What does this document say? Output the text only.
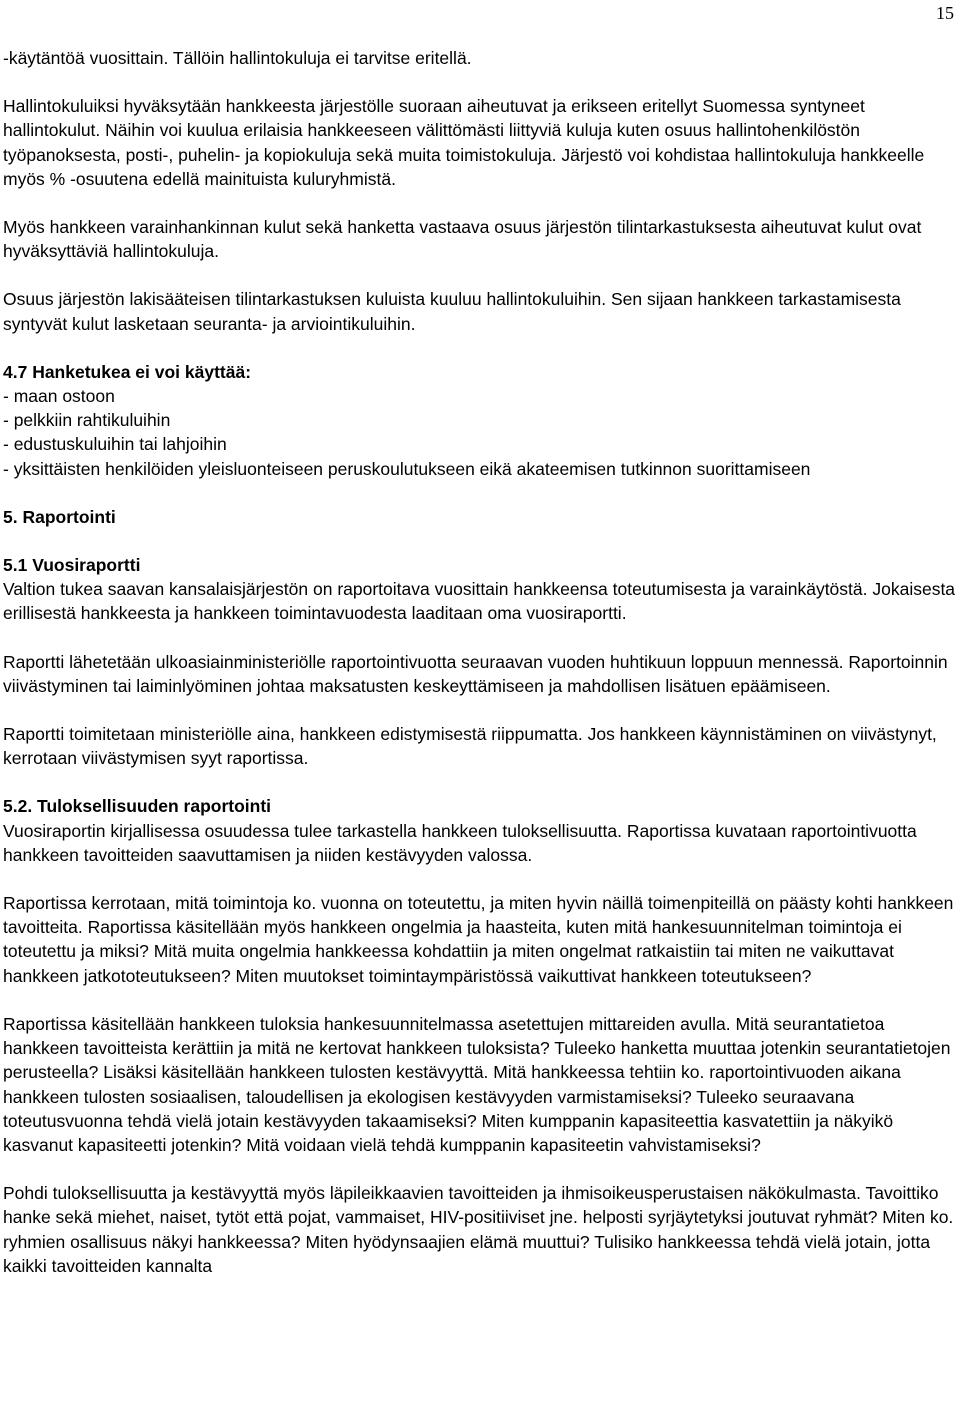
15

-käytäntöä vuosittain. Tällöin hallintokuluja ei tarvitse eritellä.

Hallintokuluiksi hyväksytään hankkeesta järjestölle suoraan aiheutuvat ja erikseen eritellyt Suomessa syntyneet hallintokulut. Näihin voi kuulua erilaisia hankkeeseen välittömästi liittyviä kuluja kuten osuus hallintohenkilöstön työpanoksesta, posti-, puhelin- ja kopiokuluja sekä muita toimistokuluja. Järjestö voi kohdistaa hallintokuluja hankkeelle myös % -osuutena edellä mainituista kuluryhmistä.

Myös hankkeen varainhankinnan kulut sekä hanketta vastaava osuus järjestön tilintarkastuksesta aiheutuvat kulut ovat hyväksyttäviä hallintokuluja.

Osuus järjestön lakisääteisen tilintarkastuksen kuluista kuuluu hallintokuluihin. Sen sijaan hankkeen tarkastamisesta syntyvät kulut lasketaan seuranta- ja arviointikuluihin.

4.7 Hanketukea ei voi käyttää:
- maan ostoon
- pelkkiin rahtikuluihin
- edustuskuluihin tai lahjoihin
- yksittäisten henkilöiden yleisluonteiseen peruskoulutukseen eikä akateemisen tutkinnon suorittamiseen
5. Raportointi
5.1 Vuosiraportti
Valtion tukea saavan kansalaisjärjestön on raportoitava vuosittain hankkeensa toteutumisesta ja varainkäytöstä. Jokaisesta erillisestä hankkeesta ja hankkeen toimintavuodesta laaditaan oma vuosiraportti.

Raportti lähetetään ulkoasiainministeriölle raportointivuotta seuraavan vuoden huhtikuun loppuun mennessä. Raportoinnin viivästyminen tai laiminlyöminen johtaa maksatusten keskeyttämiseen ja mahdollisen lisätuen epäämiseen.

Raportti toimitetaan ministeriölle aina, hankkeen edistymisestä riippumatta. Jos hankkeen käynnistäminen on viivästynyt, kerrotaan viivästymisen syyt raportissa.

5.2. Tuloksellisuuden raportointi
Vuosiraportin kirjallisessa osuudessa tulee tarkastella hankkeen tuloksellisuutta. Raportissa kuvataan raportointivuotta hankkeen tavoitteiden saavuttamisen ja niiden kestävyyden valossa.

Raportissa kerrotaan, mitä toimintoja ko. vuonna on toteutettu, ja miten hyvin näillä toimenpiteillä on päästy kohti hankkeen tavoitteita. Raportissa käsitellään myös hankkeen ongelmia ja haasteita, kuten mitä hankesuunnitelman toimintoja ei toteutettu ja miksi? Mitä muita ongelmia hankkeessa kohdattiin ja miten ongelmat ratkaistiin tai miten ne vaikuttavat hankkeen jatkototeutukseen? Miten muutokset toimintaympäristössä vaikuttivat hankkeen toteutukseen?

Raportissa käsitellään hankkeen tuloksia hankesuunnitelmassa asetettujen mittareiden avulla. Mitä seurantatietoa hankkeen tavoitteista kerättiin ja mitä ne kertovat hankkeen tuloksista? Tuleeko hanketta muuttaa jotenkin seurantatietojen perusteella? Lisäksi käsitellään hankkeen tulosten kestävyyttä. Mitä hankkeessa tehtiin ko. raportointivuoden aikana hankkeen tulosten sosiaalisen, taloudellisen ja ekologisen kestävyyden varmistamiseksi? Tuleeko seuraavana toteutusvuonna tehdä vielä jotain kestävyyden takaamiseksi? Miten kumppanin kapasiteettia kasvatettiin ja näkyikö kasvanut kapasiteetti jotenkin? Mitä voidaan vielä tehdä kumppanin kapasiteetin vahvistamiseksi?

Pohdi tuloksellisuutta ja kestävyyttä myös läpileikkaavien tavoitteiden ja ihmisoikeusperustaisen näkökulmasta. Tavoittiko hanke sekä miehet, naiset, tytöt että pojat, vammaiset, HIV-positiiviset jne. helposti syrjäytetyksi joutuvat ryhmät? Miten ko. ryhmien osallisuus näkyi hankkeessa? Miten hyödynsaajien elämä muuttui? Tulisiko hankkeessa tehdä vielä jotain, jotta kaikki tavoitteiden kannalta
